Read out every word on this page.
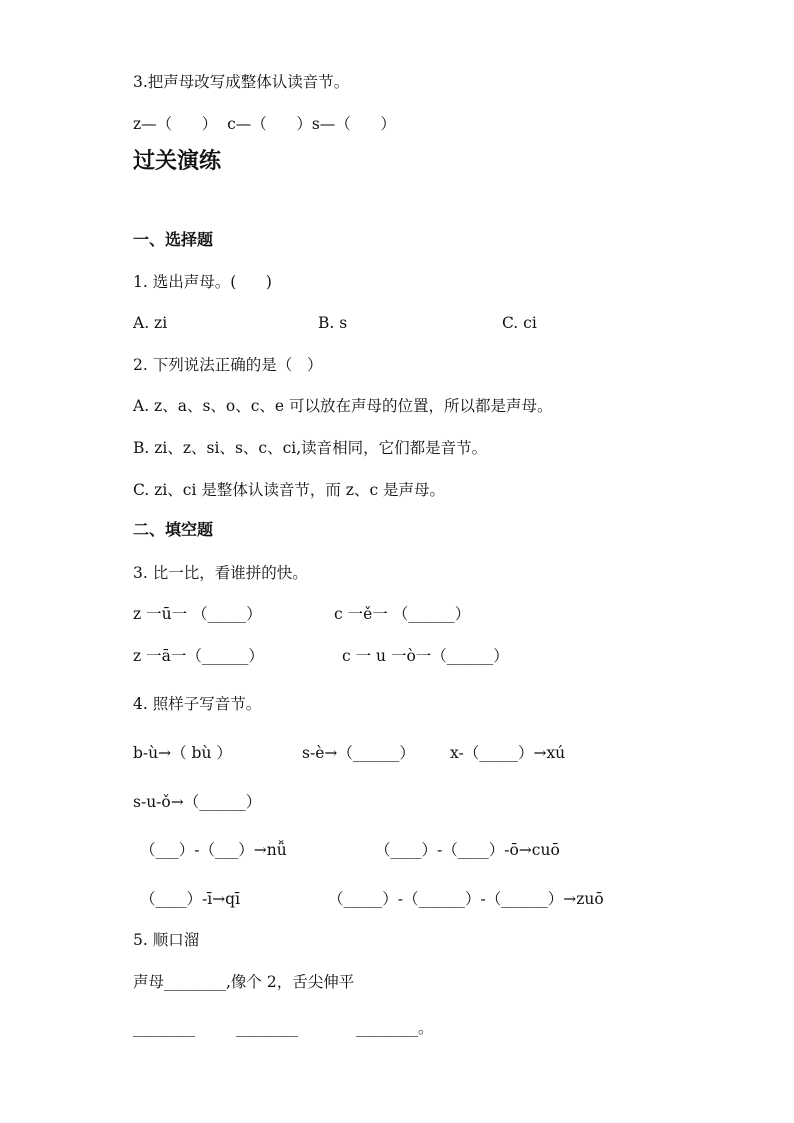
3.把声母改写成整体认读音节。
z—（      ）  c—（      ）s—（      ）
过关演练
一、选择题
1. 选出声母。(      )
A. zi	B. s	C. ci
2. 下列说法正确的是（   ）
A. z、a、s、o、c、e 可以放在声母的位置，所以都是声母。
B. zi、z、si、s、c、ci,读音相同，它们都是音节。
C. zi、ci 是整体认读音节，而 z、c 是声母。
二、填空题
3. 比一比，看谁拼的快。
z 一ū一 （_____）	c 一ě一 （______）
z 一ā一（______）	c 一 u 一ò一（______）
4. 照样子写音节。
b-ù→（ bù ）	s-è→（______） x-（_____）→xú
s-u-ǒ→（______）
（___）-（___）→nǚ	（____）-（____）-ō→cuō
（____）-ī→qī	（_____）-（______）-（______）→zuō
5. 顺口溜
声母________,像个 2，舌尖伸平
________	________	________。
